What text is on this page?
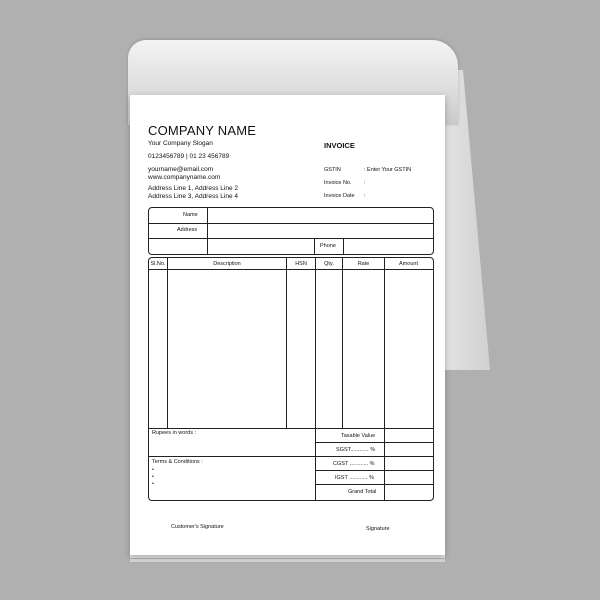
COMPANY NAME
Your Company Slogan
0123456789 | 01 23 456789
yourname@email.com
www.companyname.com
Address Line 1, Address Line 2
Address Line 3, Address Line 4
INVOICE
GSTIN	: Enter Your GSTIN
Invoice No. :
Invoice Date :
Name
Address
Phone
Sl.No.	Description	HSN	Qty.	Rate	Amount
Rupees in words :
Terms & Conditions :
•
•
•
Taxable Value
SGST............ %
CGST ............ %
IGST ............ %
Grand Total
Customer's Signature	Signature
